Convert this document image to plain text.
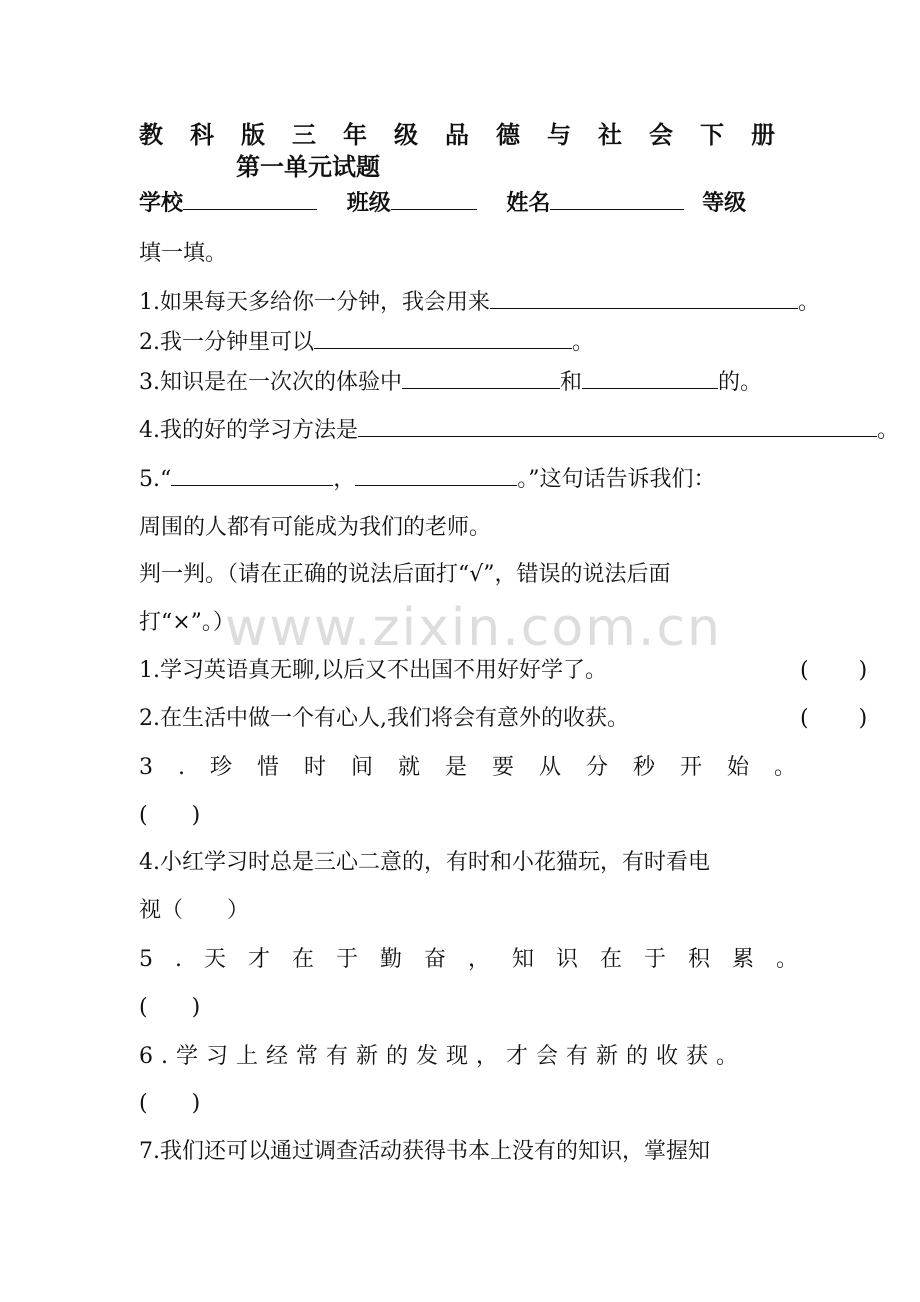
教科版三年级品德与社会下册
第一单元试题
学校	班级	姓名	等级
填一填。
1.如果每天多给你一分钟，我会用来	。
2.我一分钟里可以	。
3.知识是在一次次的体验中	和	的。
4.我的好的学习方法是	。
5.“	，	。”这句话告诉我们：
周围的人都有可能成为我们的老师。
判一判。（请在正确的说法后面打“√”，错误的说法后面
打“×”。）
1.学习英语真无聊,以后又不出国不用好好学了。	(　　)
2.在生活中做一个有心人,我们将会有意外的收获。	(　　)
3.珍惜时间就是要从分秒开始。
(　　)
4.小红学习时总是三心二意的，有时和小花猫玩，有时看电
视（　　）
5.天才在于勤奋，知识在于积累。
(　　)
6.学习上经常有新的发现，才会有新的收获。
(　　)
7.我们还可以通过调查活动获得书本上没有的知识，掌握知
www.zixin.com.cn
